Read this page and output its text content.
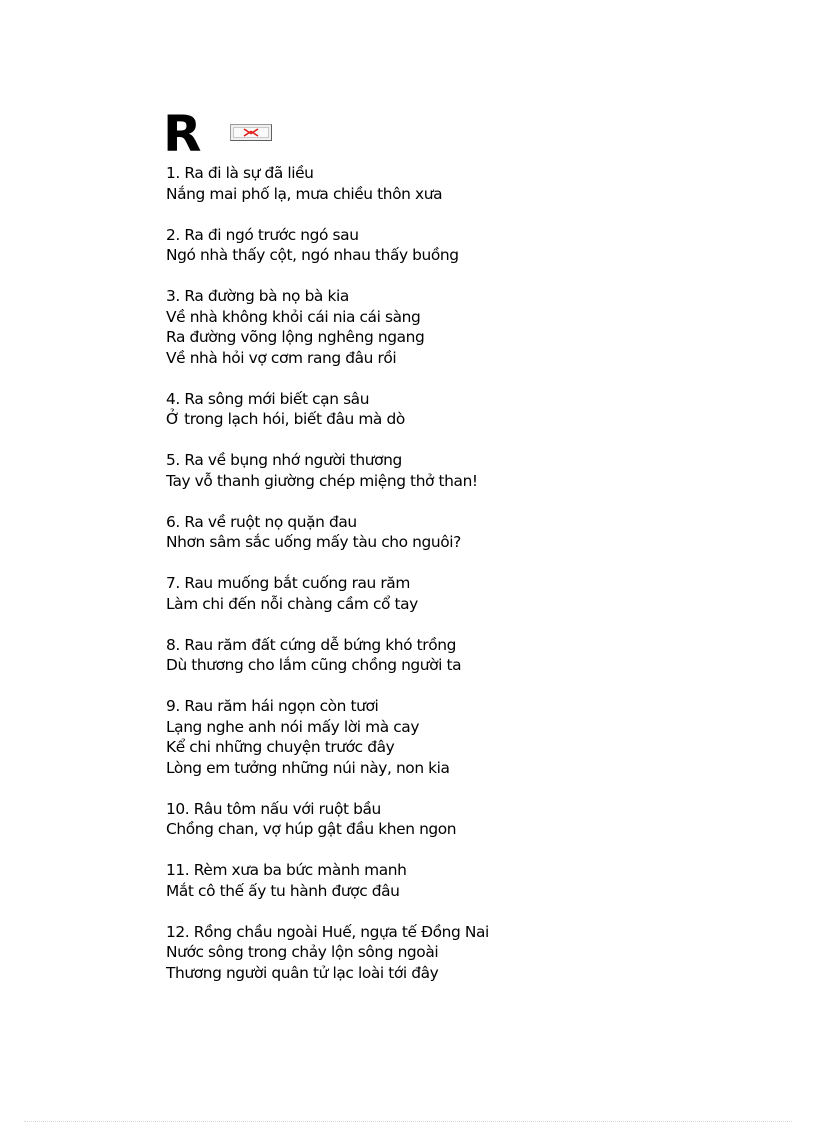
R
1. Ra đi là sự đã liều
Nắng mai phố lạ, mưa chiều thôn xưa
2. Ra đi ngó trước ngó sau
Ngó nhà thấy cột, ngó nhau thấy buồng
3. Ra đường bà nọ bà kia
Về nhà không khỏi cái nia cái sàng
Ra đường võng lộng nghêng ngang
Về nhà hỏi vợ cơm rang đâu rồi
4. Ra sông mới biết cạn sâu
Ở trong lạch hói, biết đâu mà dò
5. Ra về bụng nhớ người thương
Tay vỗ thanh giường chép miệng thở than!
6. Ra về ruột nọ quặn đau
Nhơn sâm sắc uống mấy tàu cho nguôi?
7. Rau muống bắt cuống rau răm
Làm chi đến nỗi chàng cầm cổ tay
8. Rau răm đất cứng dễ bứng khó trồng
Dù thương cho lắm cũng chồng người ta
9. Rau răm hái ngọn còn tươi
Lạng nghe anh nói mấy lời mà cay
Kể chi những chuyện trước đây
Lòng em tưởng những núi này, non kia
10. Râu tôm nấu với ruột bầu
Chồng chan, vợ húp gật đầu khen ngon
11. Rèm xưa ba bức mành manh
Mắt cô thế ấy tu hành được đâu
12. Rồng chầu ngoài Huế, ngựa tế Đồng Nai
Nước sông trong chảy lộn sông ngoài
Thương người quân tử lạc loài tới đây
